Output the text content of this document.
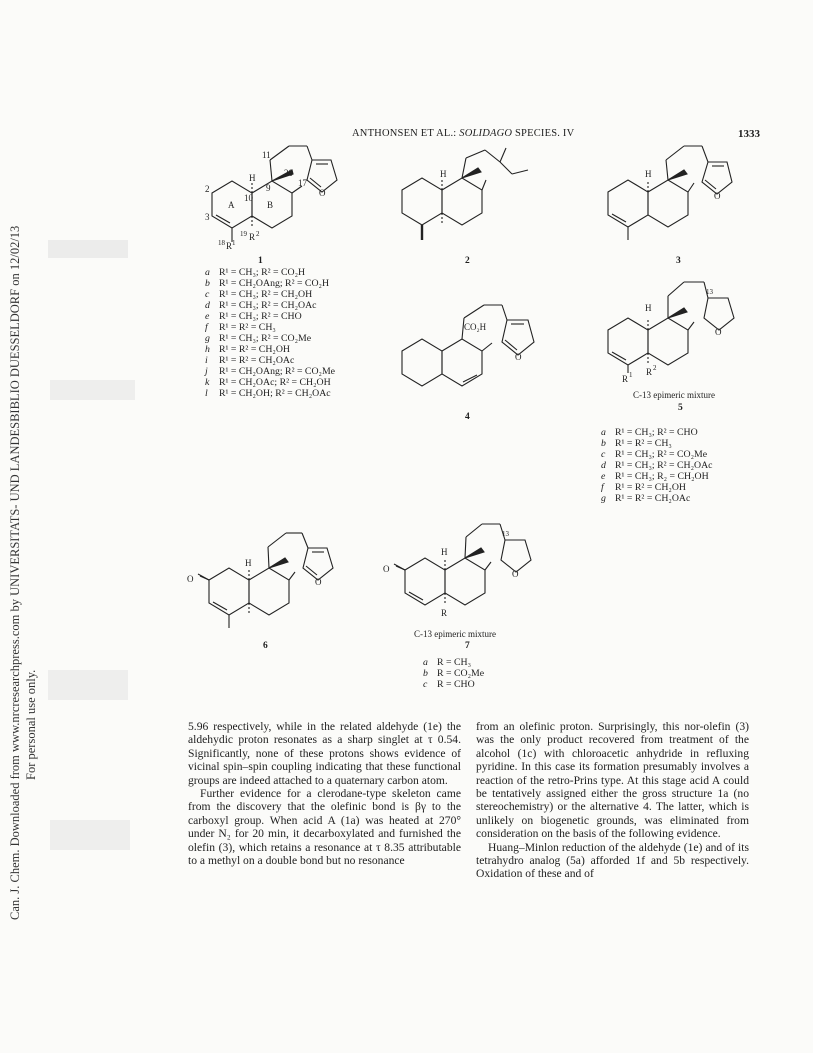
Can. J. Chem. Downloaded from www.nrcresearchpress.com by UNIVERSITATS- UND LANDESBIBLIO DUESSELDORF on 12/02/13 For personal use only.
ANTHONSEN ET AL.: SOLIDAGO SPECIES. IV	1333
H
11
20
9	17
10
2
A	B
3
18 R 1
19 R 2
O
H	H
O
CO₂H
O
H
13
O
R 1 R 2
O
H
O
O
H
13
O
R
1	2	3
4
5
6	7
C-13 epimeric mixture
C-13 epimeric mixture
a R¹ = CH₃; R² = CO₂H
b R¹ = CH₂OAng; R² = CO₂H
c R¹ = CH₃; R² = CH₂OH
d R¹ = CH₃; R² = CH₂OAc
e R¹ = CH₃; R² = CHO
f R¹ = R² = CH₃
g R¹ = CH₃; R² = CO₂Me
h R¹ = R² = CH₂OH
i R¹ = R² = CH₂OAc
j R¹ = CH₂OAng; R² = CO₂Me
k R¹ = CH₂OAc; R² = CH₂OH
l R¹ = CH₂OH; R² = CH₂OAc
a R¹ = CH₃; R² = CHO
b R¹ = R² = CH₃
c R¹ = CH₃; R² = CO₂Me
d R¹ = CH₃; R² = CH₂OAc
e R¹ = CH₃; R₂ = CH₂OH
f R¹ = R² = CH₂OH
g R¹ = R² = CH₂OAc
a R = CH₃
b R = CO₂Me
c R = CHO

5.96 respectively, while in the related aldehyde (1e) the aldehydic proton resonates as a sharp singlet at τ 0.54. Significantly, none of these protons shows evidence of vicinal spin–spin coupling indicating that these functional groups are indeed attached to a quaternary carbon atom.

Further evidence for a clerodane-type skeleton came from the discovery that the olefinic bond is βγ to the carboxyl group. When acid A (1a) was heated at 270° under N₂ for 20 min, it decarboxylated and furnished the olefin (3), which retains a resonance at τ 8.35 attributable to a methyl on a double bond but no resonance

from an olefinic proton. Surprisingly, this nor-olefin (3) was the only product recovered from treatment of the alcohol (1c) with chloroacetic anhydride in refluxing pyridine. In this case its formation presumably involves a reaction of the retro-Prins type. At this stage acid A could be tentatively assigned either the gross structure 1a (no stereochemistry) or the alternative 4. The latter, which is unlikely on biogenetic grounds, was eliminated from consideration on the basis of the following evidence.

Huang–Minlon reduction of the aldehyde (1e) and of its tetrahydro analog (5a) afforded 1f and 5b respectively. Oxidation of these and of
